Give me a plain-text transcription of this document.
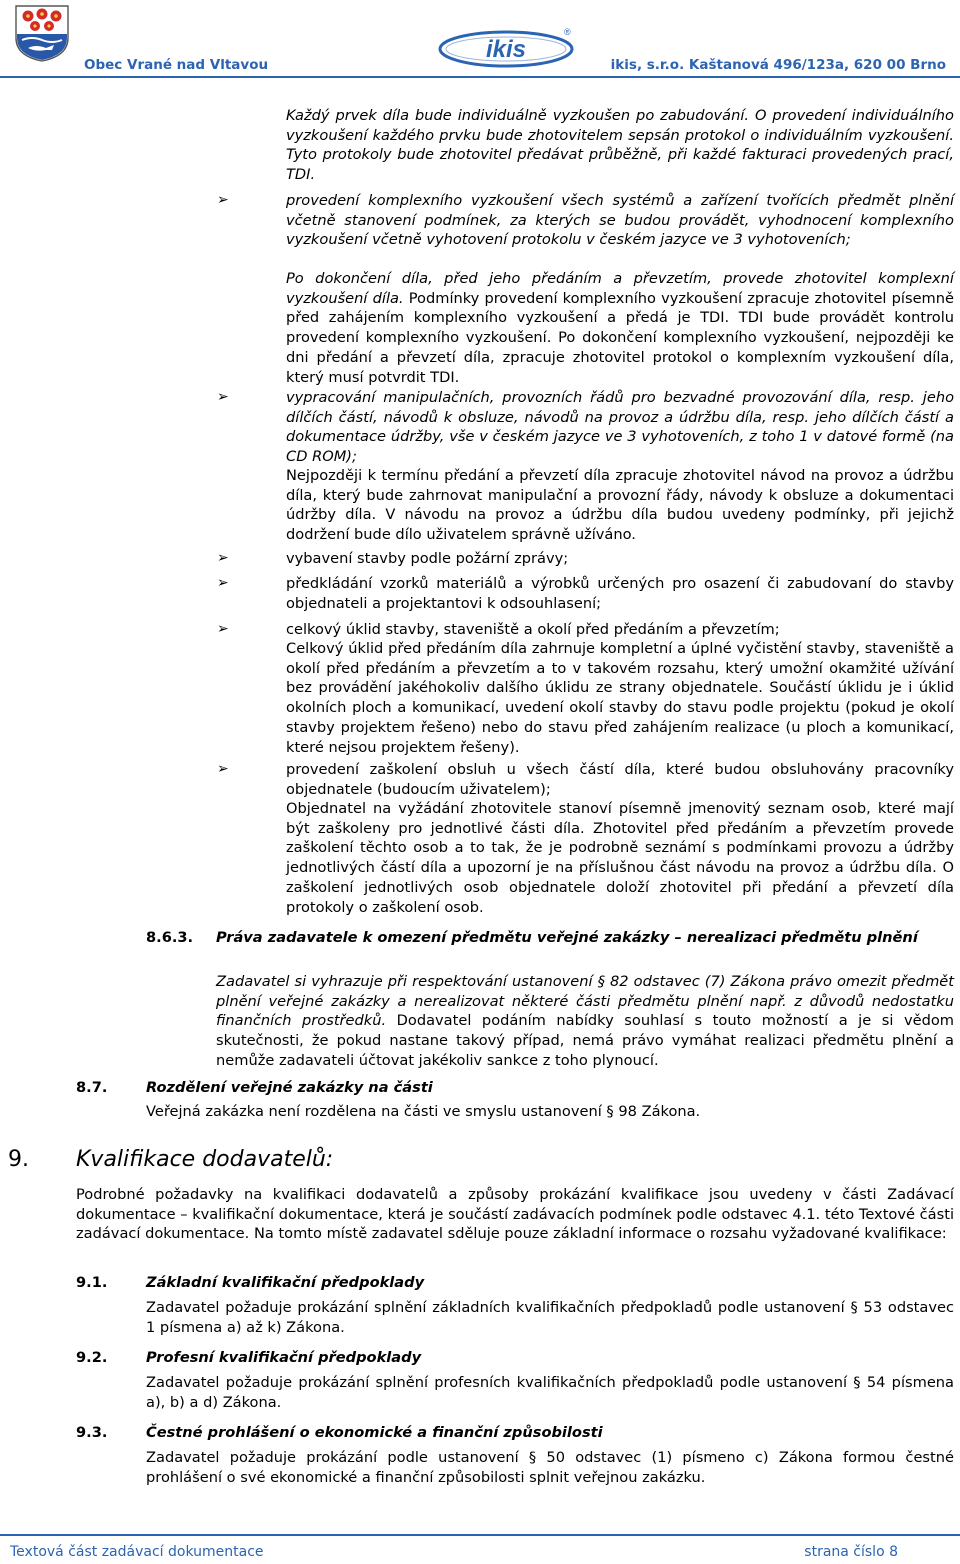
ikis
®
Obec Vrané nad Vltavou	ikis, s.r.o. Kaštanová 496/123a, 620 00 Brno

Každý prvek díla bude individuálně vyzkoušen po zabudování. O provedení individuálního vyzkoušení každého prvku bude zhotovitelem sepsán protokol o individuálním vyzkoušení. Tyto protokoly bude zhotovitel předávat průběžně, při každé fakturaci provedených prací, TDI.

➢	provedení komplexního vyzkoušení všech systémů a zařízení tvořících předmět plnění včetně stanovení podmínek, za kterých se budou provádět, vyhodnocení komplexního vyzkoušení včetně vyhotovení protokolu v českém jazyce ve 3 vyhotoveních;

Po dokončení díla, před jeho předáním a převzetím, provede zhotovitel komplexní vyzkoušení díla. Podmínky provedení komplexního vyzkoušení zpracuje zhotovitel písemně před zahájením komplexního vyzkoušení a předá je TDI. TDI bude provádět kontrolu provedení komplexního vyzkoušení. Po dokončení komplexního vyzkoušení, nejpozději ke dni předání a převzetí díla, zpracuje zhotovitel protokol o komplexním vyzkoušení díla, který musí potvrdit TDI.

➢	vypracování manipulačních, provozních řádů pro bezvadné provozování díla, resp. jeho dílčích částí, návodů k obsluze, návodů na provoz a údržbu díla, resp. jeho dílčích částí a dokumentace údržby, vše v českém jazyce ve 3 vyhotoveních, z toho 1 v datové formě (na CD ROM);

Nejpozději k termínu předání a převzetí díla zpracuje zhotovitel návod na provoz a údržbu díla, který bude zahrnovat manipulační a provozní řády, návody k obsluze a dokumentaci údržby díla. V návodu na provoz a údržbu díla budou uvedeny podmínky, při jejichž dodržení bude dílo uživatelem správně užíváno.

➢	vybavení stavby podle požární zprávy;

➢	předkládání vzorků materiálů a výrobků určených pro osazení či zabudovaní do stavby objednateli a projektantovi k odsouhlasení;

➢	celkový úklid stavby, staveniště a okolí před předáním a převzetím;

Celkový úklid před předáním díla zahrnuje kompletní a úplné vyčistění stavby, staveniště a okolí před předáním a převzetím a to v takovém rozsahu, který umožní okamžité užívání bez provádění jakéhokoliv dalšího úklidu ze strany objednatele. Součástí úklidu je i úklid okolních ploch a komunikací, uvedení okolí stavby do stavu podle projektu (pokud je okolí stavby projektem řešeno) nebo do stavu před zahájením realizace (u ploch a komunikací, které nejsou projektem řešeny).

➢	provedení zaškolení obsluh u všech částí díla, které budou obsluhovány pracovníky objednatele (budoucím uživatelem);

Objednatel na vyžádání zhotovitele stanoví písemně jmenovitý seznam osob, které mají být zaškoleny pro jednotlivé části díla. Zhotovitel před předáním a převzetím provede zaškolení těchto osob a to tak, že je podrobně seznámí s podmínkami provozu a údržby jednotlivých částí díla a upozorní je na příslušnou část návodu na provoz a údržbu díla. O zaškolení jednotlivých osob objednatele doloží zhotovitel při předání a převzetí díla protokoly o zaškolení osob.

8.6.3. Práva zadavatele k omezení předmětu veřejné zakázky – nerealizaci předmětu plnění

Zadavatel si vyhrazuje při respektování ustanovení § 82 odstavec (7) Zákona právo omezit předmět plnění veřejné zakázky a nerealizovat některé části předmětu plnění např. z důvodů nedostatku finančních prostředků. Dodavatel podáním nabídky souhlasí s touto možností a je si vědom skutečnosti, že pokud nastane takový případ, nemá právo vymáhat realizaci předmětu plnění a nemůže zadavateli účtovat jakékoliv sankce z toho plynoucí.

8.7.	Rozdělení veřejné zakázky na části

Veřejná zakázka není rozdělena na části ve smyslu ustanovení § 98 Zákona.

9. Kvalifikace dodavatelů:

Podrobné požadavky na kvalifikaci dodavatelů a způsoby prokázání kvalifikace jsou uvedeny v části Zadávací dokumentace – kvalifikační dokumentace, která je součástí zadávacích podmínek podle odstavec 4.1. této Textové části zadávací dokumentace. Na tomto místě zadavatel sděluje pouze základní informace o rozsahu vyžadované kvalifikace:

9.1.	Základní kvalifikační předpoklady

Zadavatel požaduje prokázání splnění základních kvalifikačních předpokladů podle ustanovení § 53 odstavec 1 písmena a) až k) Zákona.

9.2.	Profesní kvalifikační předpoklady

Zadavatel požaduje prokázání splnění profesních kvalifikačních předpokladů podle ustanovení § 54 písmena a), b) a d) Zákona.

9.3.	Čestné prohlášení o ekonomické a finanční způsobilosti

Zadavatel požaduje prokázání podle ustanovení § 50 odstavec (1) písmeno c) Zákona formou čestné prohlášení o své ekonomické a finanční způsobilosti splnit veřejnou zakázku.

Textová část zadávací dokumentace	strana číslo 8
